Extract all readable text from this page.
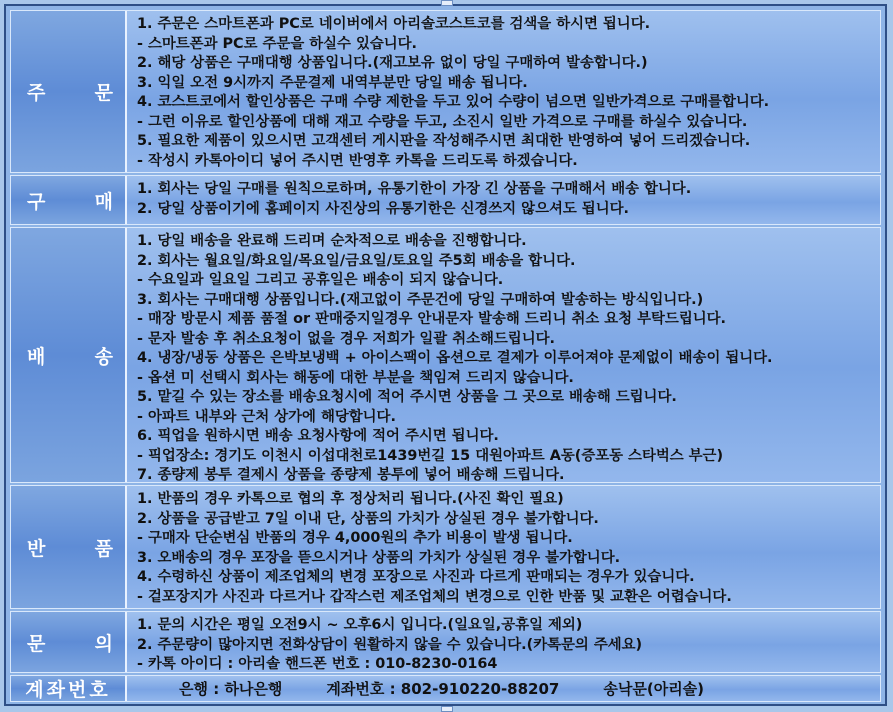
주	문
1. 주문은 스마트폰과 PC로 네이버에서 아리솔코스트코를 검색을 하시면 됩니다.
- 스마트폰과 PC로 주문을 하실수 있습니다.
2. 해당 상품은 구매대행 상품입니다.(재고보유 없이 당일 구매하여 발송합니다.)
3. 익일 오전 9시까지 주문결제 내역부분만 당일 배송 됩니다.
4. 코스트코에서 할인상품은 구매 수량 제한을 두고 있어 수량이 넘으면 일반가격으로 구매를합니다.
- 그런 이유로 할인상품에 대해 재고 수량을 두고, 소진시 일반 가격으로 구매를 하실수 있습니다.
5. 필요한 제품이 있으시면 고객센터 게시판을 작성해주시면 최대한 반영하여 넣어 드리겠습니다.
- 작성시 카톡아이디 넣어 주시면 반영후 카톡을 드리도록 하겠습니다.
구	매
1. 회사는 당일 구매를 원칙으로하며, 유통기한이 가장 긴 상품을 구매해서 배송 합니다.
2. 당일 상품이기에 홈페이지 사진상의 유통기한은 신경쓰지 않으셔도 됩니다.
배	송
1. 당일 배송을 완료해 드리며 순차적으로 배송을 진행합니다.
2. 회사는 월요일/화요일/목요일/금요일/토요일 주5회 배송을 합니다.
- 수요일과 일요일 그리고 공휴일은 배송이 되지 않습니다.
3. 회사는 구매대행 상품입니다.(재고없이 주문건에 당일 구매하여 발송하는 방식입니다.)
- 매장 방문시 제품 품절 or 판매중지일경우 안내문자 발송해 드리니 취소 요청 부탁드립니다.
- 문자 발송 후 취소요청이 없을 경우 저희가 일괄 취소해드립니다.
4. 냉장/냉동 상품은 은박보냉백 + 아이스팩이 옵션으로 결제가 이루어져야 문제없이 배송이 됩니다.
- 옵션 미 선택시 회사는 해동에 대한 부분을 책임져 드리지 않습니다.
5. 맡길 수 있는 장소를 배송요청시에 적어 주시면 상품을 그 곳으로 배송해 드립니다.
- 아파트 내부와 근처 상가에 해당합니다.
6. 픽업을 원하시면 배송 요청사항에 적어 주시면 됩니다.
- 픽업장소: 경기도 이천시 이섭대천로1439번길 15 대원아파트 A동(증포동 스타벅스 부근)
7. 종량제 봉투 결제시 상품을 종량제 봉투에 넣어 배송해 드립니다.
반	품
1. 반품의 경우 카톡으로 협의 후 정상처리 됩니다.(사진 확인 필요)
2. 상품을 공급받고 7일 이내 단, 상품의 가치가 상실된 경우 불가합니다.
- 구매자 단순변심 반품의 경우 4,000원의 추가 비용이 발생 됩니다.
3. 오배송의 경우 포장을 뜯으시거나 상품의 가치가 상실된 경우 불가합니다.
4. 수령하신 상품이 제조업체의 변경 포장으로 사진과 다르게 판매되는 경우가 있습니다.
- 겉포장지가 사진과 다르거나 갑작스런 제조업체의 변경으로 인한 반품 및 교환은 어렵습니다.
문	의
1. 문의 시간은 평일 오전9시 ~ 오후6시 입니다.(일요일,공휴일 제외)
2. 주문량이 많아지면 전화상담이 원활하지 않을 수 있습니다.(카톡문의 주세요)
- 카톡 아이디 : 아리솔 핸드폰 번호 : 010-8230-0164
계좌번호	은행 : 하나은행	계좌번호 : 802-910220-88207	송낙문(아리솔)
